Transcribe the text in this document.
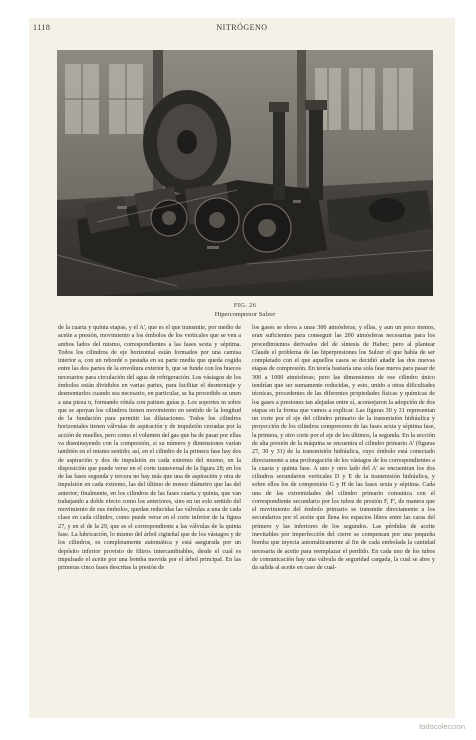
1118	NITRÓGENO
FIG. 26
Hipercompresor Sulzer

de la cuarta y quinta etapas, y el A', que es el que transmite, por medio de aceite a presión, movimiento a los émbolos de los verticales que se ven a ambos lados del mismo, correspondientes a las fases sexta y séptima. Todos los cilindros de eje horizontal están formados por una camisa interior a, con un rebordé o pestaña en su parte media que queda cogida entre las dos partes de la envoltura exterior b, que se funde con los huecos necesarios para circulación del agua de refrigeración. Los vástagos de los émbolos están divididos en varias partes, para facilitar el desmontaje y desmontarlos cuando sea necesario, en particular, se ha procedido se unen a una pieza n, formando rótula con patines guías p. Los soportes m sobre que se apoyan los cilindros tienen movimiento en sentido de la longitud de la fundación para permitir las dilataciones. Todos los cilindros horizontales tienen válvulas de aspiración y de impulsión cerradas por la acción de muelles, pero como el volumen del gas que ha de pasar por ellas va disminuyendo con la compresión, si su número y dimensiones varían también en el mismo sentido; así, en el cilindro de la primera fase hay dos de aspiración y dos de impulsión en cada extremo del mismo, en la disposición que puede verse en el corte transversal de la figura 28; en los de las fases segunda y tercera no hay más que una de aspiración y otra de impulsión en cada extremo, las del último de menor diámetro que las del anterior; finalmente, en los cilindros de las fases cuarta y quinta, que van trabajando a doble efecto como los anteriores, sino en un solo sentido del movimiento de sus émbolos, quedan reducidas las válvulas a una de cada clase en cada cilindro, como puede verse en el corte inferior de la figura 27, y en el de la 29, que es el correspondiente a las válvulas de la quinta fase. La lubricación, lo mismo del árbol cigüeñal que de los vástagos y de los cilindros, es completamente automática y está asegurada por un depósito inferior provisto de filtros intercambiables, desde el cual es impulsado el aceite por una bomba movida por el árbol principal. En las primeras cinco fases descritas la presión de

los gases se eleva a unas 300 atmósferas, y ellas, y aun un poco menos, eran suficientes para conseguir las 200 atmósferas necesarias para los procedimientos derivados del de síntesis de Haber; pero al plantear Claude el problema de las hiperpresiones los Sulzer el que había de ser completado con el que aquellos casos se decidió añadir las dos nuevas etapas de compresión. En teoría bastaría una sola fase nueva para pasar de 300 a 1000 atmósferas; pero las dimensiones de ese cilindro único tendrían que ser sumamente reducidas, y esto, unido a otras dificultades técnicas, procedentes de las diferentes propiedades físicas y químicas de los gases a presiones tan alejadas entre sí, aconsejaron la adopción de dos etapas en la forma que vamos a explicar. Las figuras 30 y 31 representan un corte por el eje del cilindro primario de la transmisión hidráulica y proyección de los cilindros compresores de las fases sexta y séptima fase, la primera, y otro corte por el eje de los últimos, la segunda. En la sección de alta presión de la máquina se encuentra el cilindro primario A' (figuras 27, 30 y 31) de la transmisión hidráulica, cuyo émbolo está conectado directamente a una prolongación de los vástagos de los correspondientes a la cuarta y quinta fase. A uno y otro lado del A' se encuentran los dos cilindros secundarios verticales D y E de la transmisión hidráulica, y sobre ellos los de compresión G y H de las fases sexta y séptima. Cada una de las extremidades del cilindro primario comunica con el correspondiente secundario por los tubos de presión F, F', de manera que el movimiento del émbolo primario se transmite directamente a los secundarios por el aceite que llena los espacios libres entre las caras del primero y las inferiores de los segundos. Las pérdidas de aceite inevitables por imperfección del cierre se compensan por una pequeña bomba que inyecta automáticamente al fin de cada embolada la cantidad necesaria de aceite para reemplazar el perdido. En cada uno de los tubos de comunicación hay una válvula de seguridad cargada, la cual se abre y da salida al aceite en caso de cual-

todocoleccion
